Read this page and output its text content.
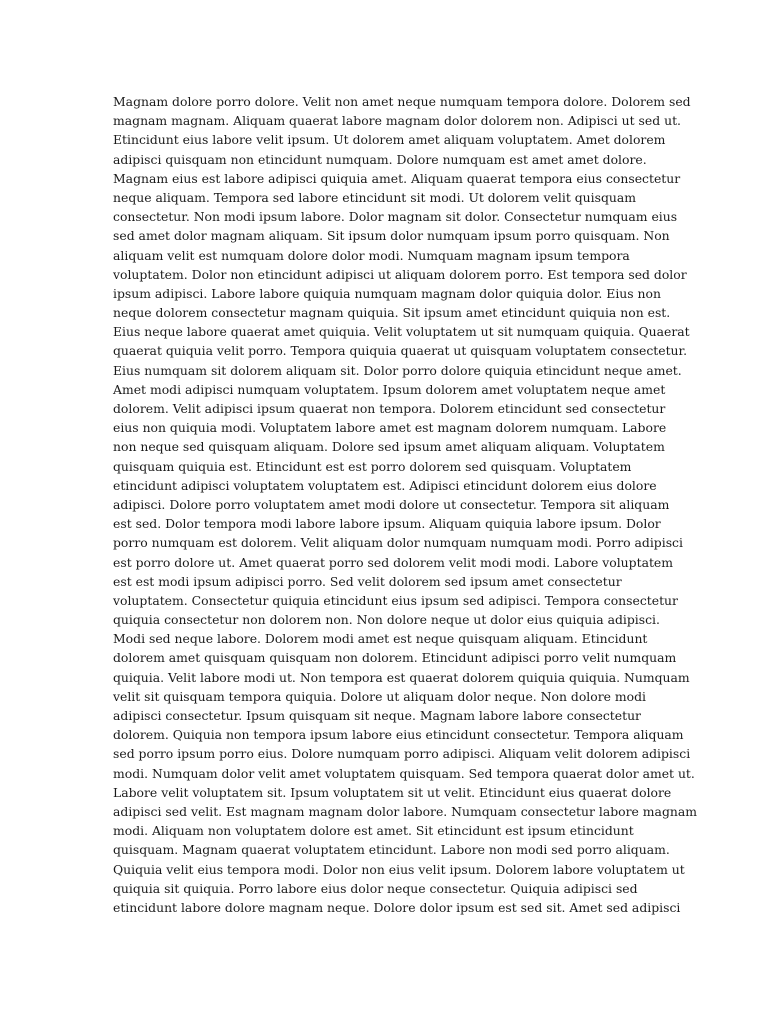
Magnam dolore porro dolore. Velit non amet neque numquam tempora dolore. Dolorem sed
magnam magnam. Aliquam quaerat labore magnam dolor dolorem non. Adipisci ut sed ut.
Etincidunt eius labore velit ipsum. Ut dolorem amet aliquam voluptatem. Amet dolorem
adipisci quisquam non etincidunt numquam. Dolore numquam est amet amet dolore.
Magnam eius est labore adipisci quiquia amet. Aliquam quaerat tempora eius consectetur
neque aliquam. Tempora sed labore etincidunt sit modi. Ut dolorem velit quisquam
consectetur. Non modi ipsum labore. Dolor magnam sit dolor. Consectetur numquam eius
sed amet dolor magnam aliquam. Sit ipsum dolor numquam ipsum porro quisquam. Non
aliquam velit est numquam dolore dolor modi. Numquam magnam ipsum tempora
voluptatem. Dolor non etincidunt adipisci ut aliquam dolorem porro. Est tempora sed dolor
ipsum adipisci. Labore labore quiquia numquam magnam dolor quiquia dolor. Eius non
neque dolorem consectetur magnam quiquia. Sit ipsum amet etincidunt quiquia non est.
Eius neque labore quaerat amet quiquia. Velit voluptatem ut sit numquam quiquia. Quaerat
quaerat quiquia velit porro. Tempora quiquia quaerat ut quisquam voluptatem consectetur.
Eius numquam sit dolorem aliquam sit. Dolor porro dolore quiquia etincidunt neque amet.
Amet modi adipisci numquam voluptatem. Ipsum dolorem amet voluptatem neque amet
dolorem. Velit adipisci ipsum quaerat non tempora. Dolorem etincidunt sed consectetur
eius non quiquia modi. Voluptatem labore amet est magnam dolorem numquam. Labore
non neque sed quisquam aliquam. Dolore sed ipsum amet aliquam aliquam. Voluptatem
quisquam quiquia est. Etincidunt est est porro dolorem sed quisquam. Voluptatem
etincidunt adipisci voluptatem voluptatem est. Adipisci etincidunt dolorem eius dolore
adipisci. Dolore porro voluptatem amet modi dolore ut consectetur. Tempora sit aliquam
est sed. Dolor tempora modi labore labore ipsum. Aliquam quiquia labore ipsum. Dolor
porro numquam est dolorem. Velit aliquam dolor numquam numquam modi. Porro adipisci
est porro dolore ut. Amet quaerat porro sed dolorem velit modi modi. Labore voluptatem
est est modi ipsum adipisci porro. Sed velit dolorem sed ipsum amet consectetur
voluptatem. Consectetur quiquia etincidunt eius ipsum sed adipisci. Tempora consectetur
quiquia consectetur non dolorem non. Non dolore neque ut dolor eius quiquia adipisci.
Modi sed neque labore. Dolorem modi amet est neque quisquam aliquam. Etincidunt
dolorem amet quisquam quisquam non dolorem. Etincidunt adipisci porro velit numquam
quiquia. Velit labore modi ut. Non tempora est quaerat dolorem quiquia quiquia. Numquam
velit sit quisquam tempora quiquia. Dolore ut aliquam dolor neque. Non dolore modi
adipisci consectetur. Ipsum quisquam sit neque. Magnam labore labore consectetur
dolorem. Quiquia non tempora ipsum labore eius etincidunt consectetur. Tempora aliquam
sed porro ipsum porro eius. Dolore numquam porro adipisci. Aliquam velit dolorem adipisci
modi. Numquam dolor velit amet voluptatem quisquam. Sed tempora quaerat dolor amet ut.
Labore velit voluptatem sit. Ipsum voluptatem sit ut velit. Etincidunt eius quaerat dolore
adipisci sed velit. Est magnam magnam dolor labore. Numquam consectetur labore magnam
modi. Aliquam non voluptatem dolore est amet. Sit etincidunt est ipsum etincidunt
quisquam. Magnam quaerat voluptatem etincidunt. Labore non modi sed porro aliquam.
Quiquia velit eius tempora modi. Dolor non eius velit ipsum. Dolorem labore voluptatem ut
quiquia sit quiquia. Porro labore eius dolor neque consectetur. Quiquia adipisci sed
etincidunt labore dolore magnam neque. Dolore dolor ipsum est sed sit. Amet sed adipisci
